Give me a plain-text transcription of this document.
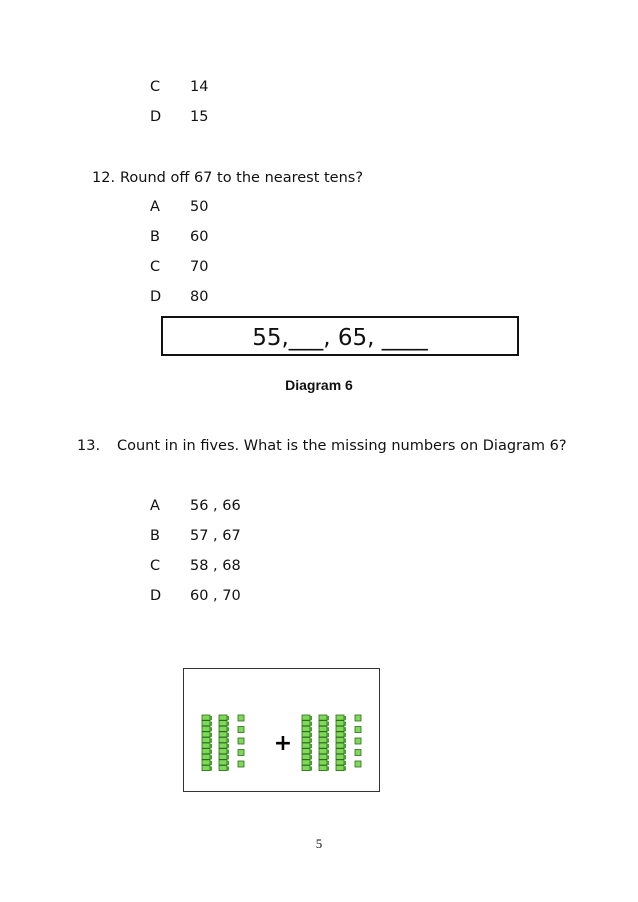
C 14
D 15
12. Round off 67 to the nearest tens?
A 50
B 60
C 70
D 80
55,___, 65, ____
Diagram 6
13. Count in in fives. What is the missing numbers on Diagram 6?
A 56 , 66
B 57 , 67
C 58 , 68
D 60 , 70
+
5
